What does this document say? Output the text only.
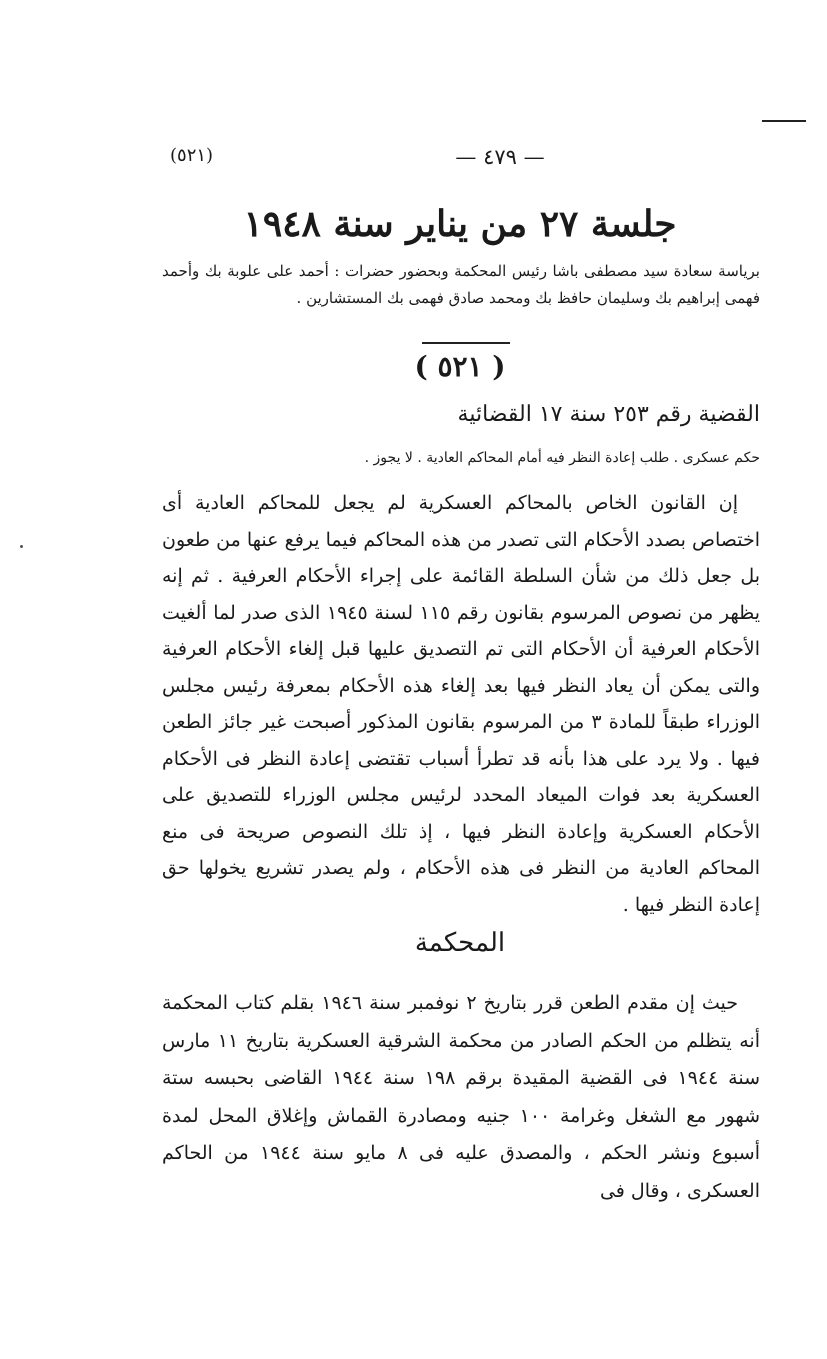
— ٤٧٩ —
(٥٢١)
جلسة ٢٧ من يناير سنة ١٩٤٨
برياسة سعادة سيد مصطفى باشا رئيس المحكمة وبحضور حضرات : أحمد على علوبة بك وأحمد فهمى إبراهيم بك وسليمان حافظ بك ومحمد صادق فهمى بك المستشارين .
( ٥٢١ )
القضية رقم ٢٥٣ سنة ١٧ القضائية
حكم عسكرى . طلب إعادة النظر فيه أمام المحاكم العادية . لا يجوز .
إن القانون الخاص بالمحاكم العسكرية لم يجعل للمحاكم العادية أى اختصاص بصدد الأحكام التى تصدر من هذه المحاكم فيما يرفع عنها من طعون بل جعل ذلك من شأن السلطة القائمة على إجراء الأحكام العرفية . ثم إنه يظهر من نصوص المرسوم بقانون رقم ١١٥ لسنة ١٩٤٥ الذى صدر لما ألغيت الأحكام العرفية أن الأحكام التى تم التصديق عليها قبل إلغاء الأحكام العرفية والتى يمكن أن يعاد النظر فيها بعد إلغاء هذه الأحكام بمعرفة رئيس مجلس الوزراء طبقاً للمادة ٣ من المرسوم بقانون المذكور أصبحت غير جائز الطعن فيها . ولا يرد على هذا بأنه قد تطرأ أسباب تقتضى إعادة النظر فى الأحكام العسكرية بعد فوات الميعاد المحدد لرئيس مجلس الوزراء للتصديق على الأحكام العسكرية وإعادة النظر فيها ، إذ تلك النصوص صريحة فى منع المحاكم العادية من النظر فى هذه الأحكام ، ولم يصدر تشريع يخولها حق إعادة النظر فيها .
المحكمة
حيث إن مقدم الطعن قرر بتاريخ ٢ نوفمبر سنة ١٩٤٦ بقلم كتاب المحكمة أنه يتظلم من الحكم الصادر من محكمة الشرقية العسكرية بتاريخ ١١ مارس سنة ١٩٤٤ فى القضية المقيدة برقم ١٩٨ سنة ١٩٤٤ القاضى بحبسه ستة شهور مع الشغل وغرامة ١٠٠ جنيه ومصادرة القماش وإغلاق المحل لمدة أسبوع ونشر الحكم ، والمصدق عليه فى ٨ مايو سنة ١٩٤٤ من الحاكم العسكرى ، وقال فى
